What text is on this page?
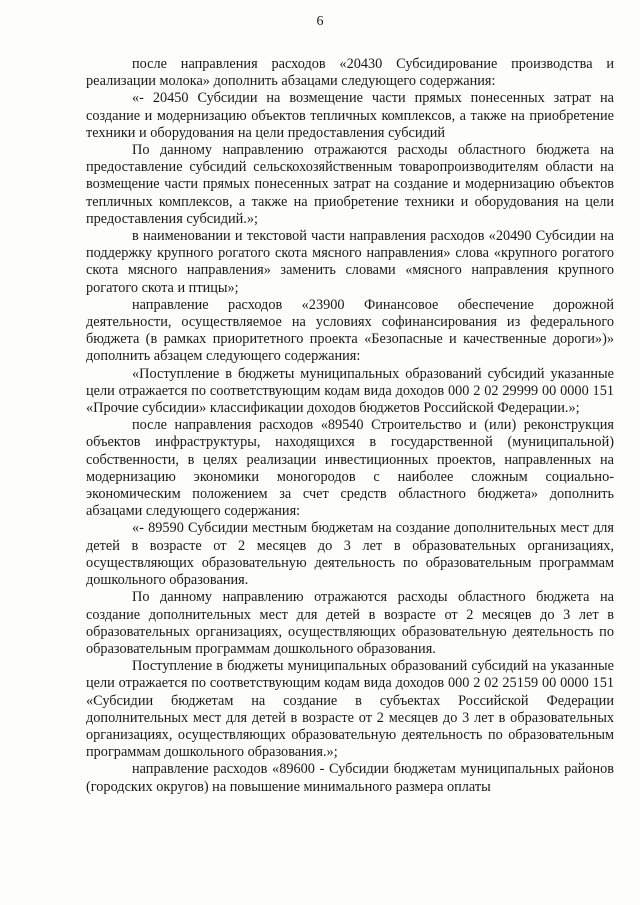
6

после направления расходов «20430 Субсидирование производства и реализации молока» дополнить абзацами следующего содержания:

«- 20450 Субсидии на возмещение части прямых понесенных затрат на создание и модернизацию объектов тепличных комплексов, а также на приобретение техники и оборудования на цели предоставления субсидий

По данному направлению отражаются расходы областного бюджета на предоставление субсидий сельскохозяйственным товаропроизводителям области на возмещение части прямых понесенных затрат на создание и модернизацию объектов тепличных комплексов, а также на приобретение техники и оборудования на цели предоставления субсидий.»;

в наименовании и текстовой части направления расходов «20490 Субсидии на поддержку крупного рогатого скота мясного направления» слова «крупного рогатого скота мясного направления» заменить словами «мясного направления крупного рогатого скота и птицы»;

направление расходов «23900 Финансовое обеспечение дорожной деятельности, осуществляемое на условиях софинансирования из федерального бюджета (в рамках приоритетного проекта «Безопасные и качественные дороги»)» дополнить абзацем следующего содержания:

«Поступление в бюджеты муниципальных образований субсидий указанные цели отражается по соответствующим кодам вида доходов 000 2 02 29999 00 0000 151 «Прочие субсидии» классификации доходов бюджетов Российской Федерации.»;

после направления расходов «89540 Строительство и (или) реконструкция объектов инфраструктуры, находящихся в государственной (муниципальной) собственности, в целях реализации инвестиционных проектов, направленных на модернизацию экономики моногородов с наиболее сложным социально-экономическим положением за счет средств областного бюджета» дополнить абзацами следующего содержания:

«- 89590 Субсидии местным бюджетам на создание дополнительных мест для детей в возрасте от 2 месяцев до 3 лет в образовательных организациях, осуществляющих образовательную деятельность по образовательным программам дошкольного образования.

По данному направлению отражаются расходы областного бюджета на создание дополнительных мест для детей в возрасте от 2 месяцев до 3 лет в образовательных организациях, осуществляющих образовательную деятельность по образовательным программам дошкольного образования.

Поступление в бюджеты муниципальных образований субсидий на указанные цели отражается по соответствующим кодам вида доходов 000 2 02 25159 00 0000 151 «Субсидии бюджетам на создание в субъектах Российской Федерации дополнительных мест для детей в возрасте от 2 месяцев до 3 лет в образовательных организациях, осуществляющих образовательную деятельность по образовательным программам дошкольного образования.»;

направление расходов «89600 - Субсидии бюджетам муниципальных районов (городских округов) на повышение минимального размера оплаты
